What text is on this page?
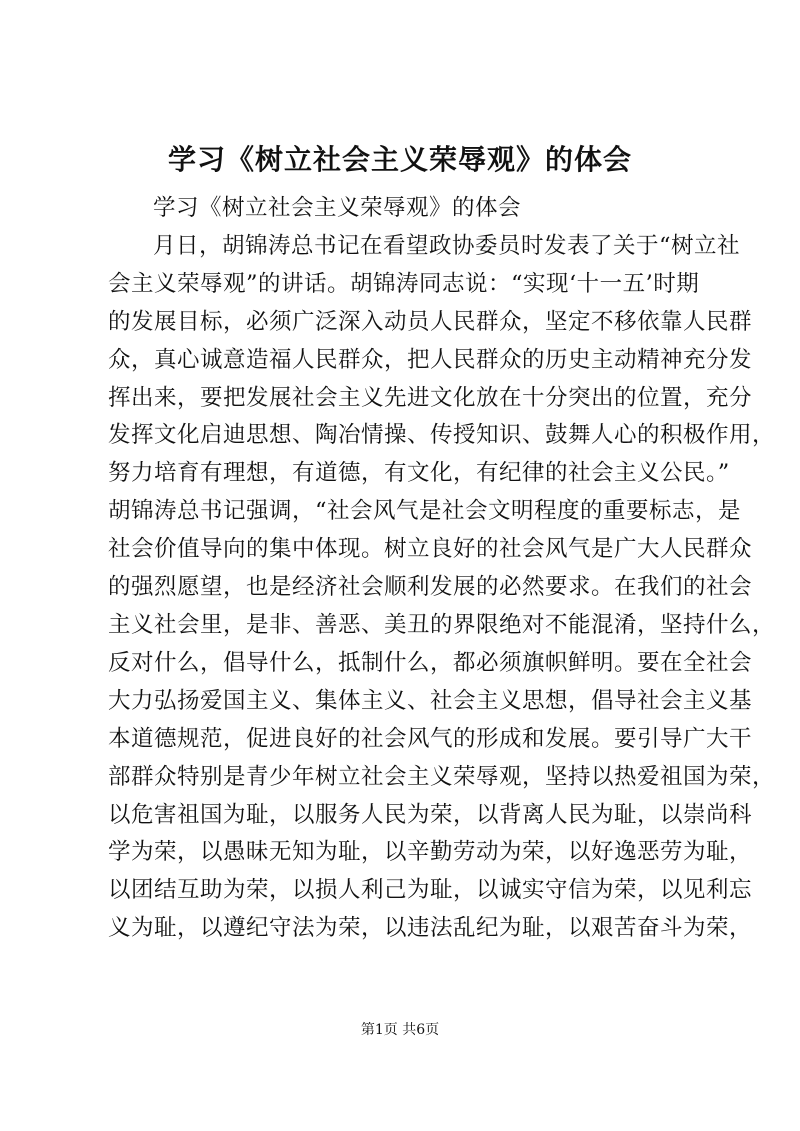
学习《树立社会主义荣辱观》的体会

学习《树立社会主义荣辱观》的体会

月日，胡锦涛总书记在看望政协委员时发表了关于“树立社
会主义荣辱观”的讲话。胡锦涛同志说：“实现‘十一五’时期
的发展目标，必须广泛深入动员人民群众，坚定不移依靠人民群
众，真心诚意造福人民群众，把人民群众的历史主动精神充分发
挥出来，要把发展社会主义先进文化放在十分突出的位置，充分
发挥文化启迪思想、陶冶情操、传授知识、鼓舞人心的积极作用，
努力培育有理想，有道德，有文化，有纪律的社会主义公民。”
胡锦涛总书记强调，“社会风气是社会文明程度的重要标志，是
社会价值导向的集中体现。树立良好的社会风气是广大人民群众
的强烈愿望，也是经济社会顺利发展的必然要求。在我们的社会
主义社会里，是非、善恶、美丑的界限绝对不能混淆，坚持什么，
反对什么，倡导什么，抵制什么，都必须旗帜鲜明。要在全社会
大力弘扬爱国主义、集体主义、社会主义思想，倡导社会主义基
本道德规范，促进良好的社会风气的形成和发展。要引导广大干
部群众特别是青少年树立社会主义荣辱观，坚持以热爱祖国为荣，
以危害祖国为耻，以服务人民为荣，以背离人民为耻，以崇尚科
学为荣，以愚昧无知为耻，以辛勤劳动为荣，以好逸恶劳为耻，
以团结互助为荣，以损人利己为耻，以诚实守信为荣，以见利忘
义为耻，以遵纪守法为荣，以违法乱纪为耻，以艰苦奋斗为荣，
第1页 共6页
